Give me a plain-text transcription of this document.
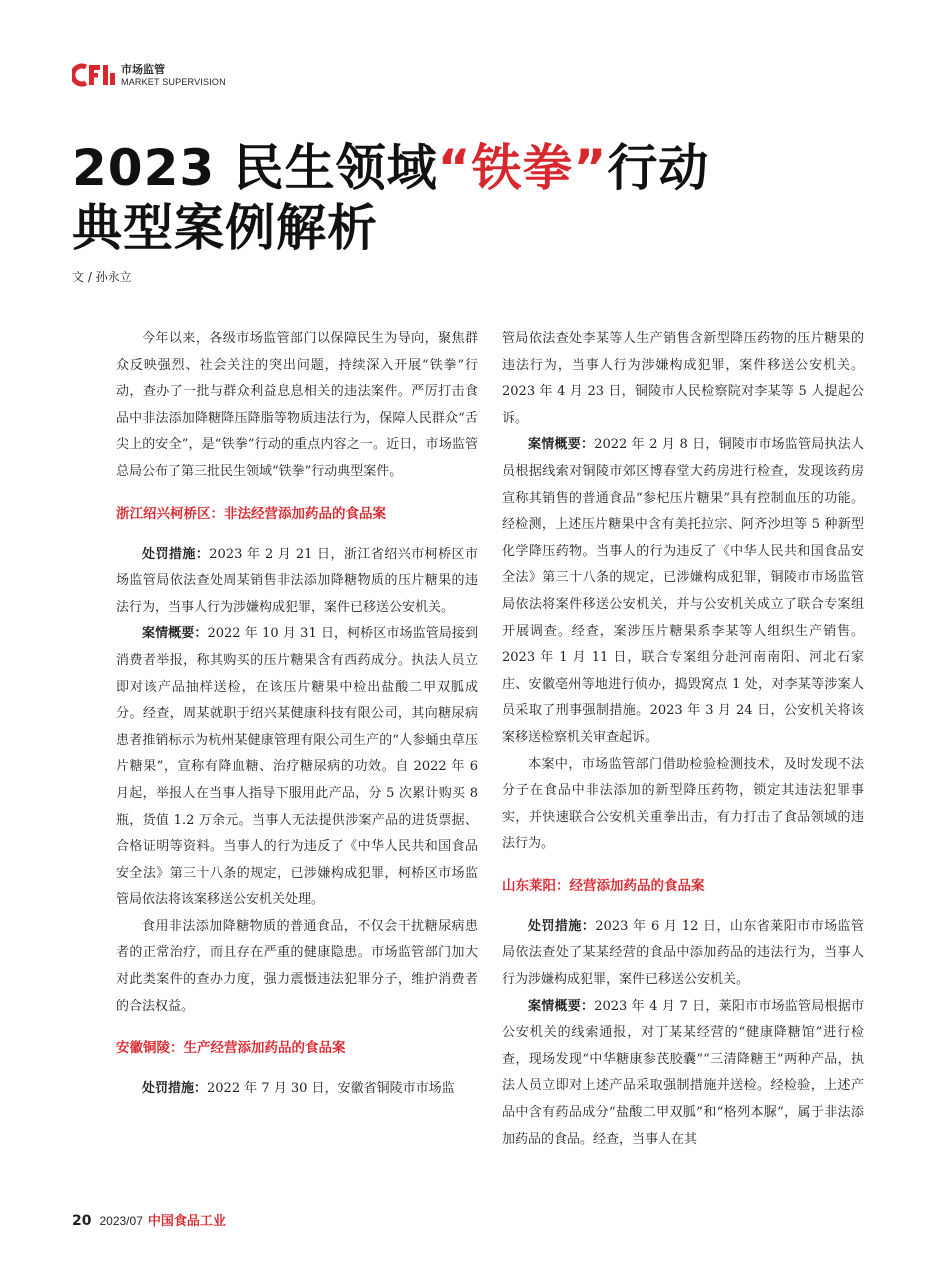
市场监管
MARKET SUPERVISION
2023 民生领域“铁拳”行动
典型案例解析
文 / 孙永立

今年以来，各级市场监管部门以保障民生为导向，聚焦群众反映强烈、社会关注的突出问题，持续深入开展“铁拳”行动，查办了一批与群众利益息息相关的违法案件。严厉打击食品中非法添加降糖降压降脂等物质违法行为，保障人民群众“舌尖上的安全”，是“铁拳”行动的重点内容之一。近日，市场监管总局公布了第三批民生领域“铁拳”行动典型案件。

浙江绍兴柯桥区：非法经营添加药品的食品案

处罚措施：2023 年 2 月 21 日，浙江省绍兴市柯桥区市场监管局依法查处周某销售非法添加降糖物质的压片糖果的违法行为，当事人行为涉嫌构成犯罪，案件已移送公安机关。

案情概要：2022 年 10 月 31 日，柯桥区市场监管局接到消费者举报，称其购买的压片糖果含有西药成分。执法人员立即对该产品抽样送检，在该压片糖果中检出盐酸二甲双胍成分。经查，周某就职于绍兴某健康科技有限公司，其向糖尿病患者推销标示为杭州某健康管理有限公司生产的“人参蛹虫草压片糖果”，宣称有降血糖、治疗糖尿病的功效。自 2022 年 6 月起，举报人在当事人指导下服用此产品，分 5 次累计购买 8 瓶，货值 1.2 万余元。当事人无法提供涉案产品的进货票据、合格证明等资料。当事人的行为违反了《中华人民共和国食品安全法》第三十八条的规定，已涉嫌构成犯罪，柯桥区市场监管局依法将该案移送公安机关处理。

食用非法添加降糖物质的普通食品，不仅会干扰糖尿病患者的正常治疗，而且存在严重的健康隐患。市场监管部门加大对此类案件的查办力度，强力震慑违法犯罪分子，维护消费者的合法权益。

安徽铜陵：生产经营添加药品的食品案

处罚措施：2022 年 7 月 30 日，安徽省铜陵市市场监

管局依法查处李某等人生产销售含新型降压药物的压片糖果的违法行为，当事人行为涉嫌构成犯罪，案件移送公安机关。2023 年 4 月 23 日，铜陵市人民检察院对李某等 5 人提起公诉。

案情概要：2022 年 2 月 8 日，铜陵市市场监管局执法人员根据线索对铜陵市郊区博春堂大药房进行检查，发现该药房宣称其销售的普通食品“参杞压片糖果”具有控制血压的功能。经检测，上述压片糖果中含有美托拉宗、阿齐沙坦等 5 种新型化学降压药物。当事人的行为违反了《中华人民共和国食品安全法》第三十八条的规定，已涉嫌构成犯罪，铜陵市市场监管局依法将案件移送公安机关，并与公安机关成立了联合专案组开展调查。经查，案涉压片糖果系李某等人组织生产销售。2023 年 1 月 11 日，联合专案组分赴河南南阳、河北石家庄、安徽亳州等地进行侦办，捣毁窝点 1 处，对李某等涉案人员采取了刑事强制措施。2023 年 3 月 24 日，公安机关将该案移送检察机关审查起诉。

本案中，市场监管部门借助检验检测技术，及时发现不法分子在食品中非法添加的新型降压药物，锁定其违法犯罪事实，并快速联合公安机关重拳出击，有力打击了食品领域的违法行为。

山东莱阳：经营添加药品的食品案

处罚措施：2023 年 6 月 12 日，山东省莱阳市市场监管局依法查处了某某经营的食品中添加药品的违法行为，当事人行为涉嫌构成犯罪，案件已移送公安机关。

案情概要：2023 年 4 月 7 日，莱阳市市场监管局根据市公安机关的线索通报，对丁某某经营的“健康降糖馆”进行检查，现场发现“中华糖康参芪胶囊”“三清降糖王”两种产品，执法人员立即对上述产品采取强制措施并送检。经检验，上述产品中含有药品成分“盐酸二甲双胍”和“格列本脲”，属于非法添加药品的食品。经查，当事人在其

20 2023/07 中国食品工业
